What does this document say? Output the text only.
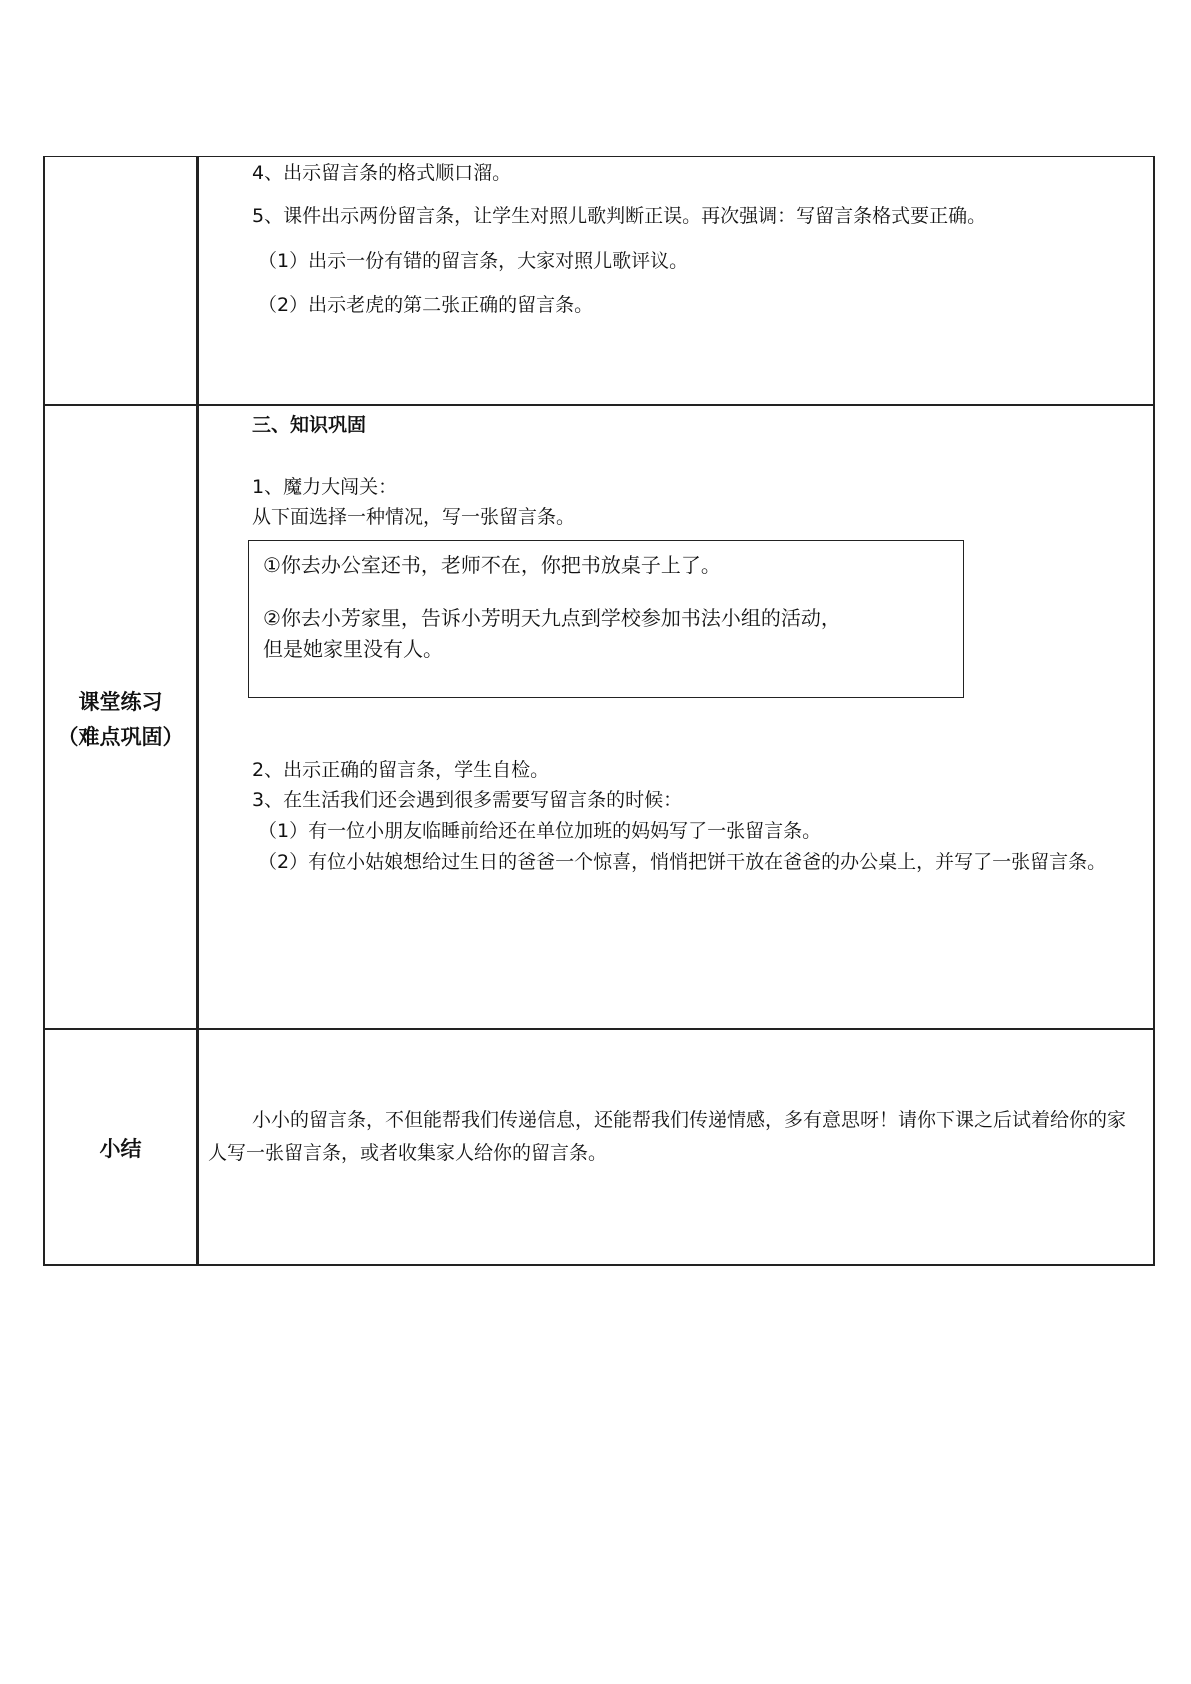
4、出示留言条的格式顺口溜。
5、课件出示两份留言条，让学生对照儿歌判断正误。再次强调：写留言条格式要正确。
（1）出示一份有错的留言条，大家对照儿歌评议。
（2）出示老虎的第二张正确的留言条。
课堂练习
（难点巩固）
三、知识巩固
1、魔力大闯关：
从下面选择一种情况，写一张留言条。
①你去办公室还书，老师不在，你把书放桌子上了。
②你去小芳家里，告诉小芳明天九点到学校参加书法小组的活动，
但是她家里没有人。
2、出示正确的留言条，学生自检。
3、在生活我们还会遇到很多需要写留言条的时候：
（1）有一位小朋友临睡前给还在单位加班的妈妈写了一张留言条。
（2）有位小姑娘想给过生日的爸爸一个惊喜，悄悄把饼干放在爸爸的办公桌上，并写了一张留言条。
小结
小小的留言条，不但能帮我们传递信息，还能帮我们传递情感，多有意思呀！请你下课之后试着给你的家人写一张留言条，或者收集家人给你的留言条。
